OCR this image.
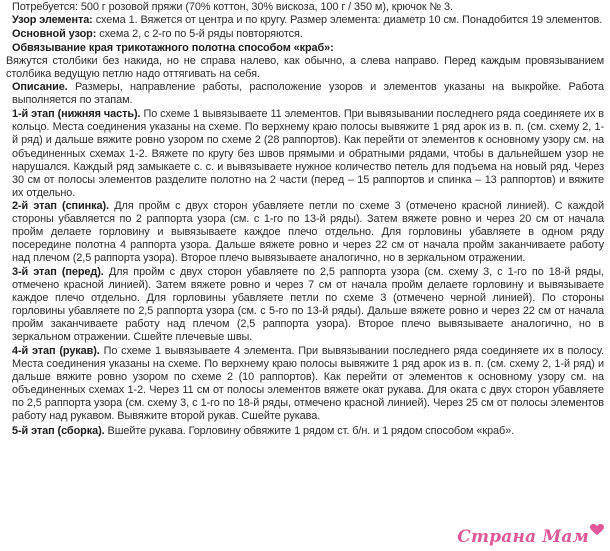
Потребуется: 500 г розовой пряжи (70% коттон, 30% вискоза, 100 г / 350 м), крючок № 3.

Узор элемента: схема 1. Вяжется от центра и по кругу. Размер элемента: диаметр 10 см. Понадобится 19 элементов.

Основной узор: схема 2, с 2-го по 5-й ряды повторяются.

Обвязывание края трикотажного полотна способом «краб»:

Вяжутся столбики без накида, но не справа налево, как обычно, а слева направо. Перед каждым провязыванием столбика ведущую петлю надо оттягивать на себя.

Описание. Размеры, направление работы, расположение узоров и элементов указаны на выкройке. Работа выполняется по этапам.

1-й этап (нижняя часть). По схеме 1 вывязываете 11 элементов. При вывязывании последнего ряда соединяете их в кольцо. Места соединения указаны на схеме. По верхнему краю полосы вывяжите 1 ряд арок из в. п. (см. схему 2, 1-й ряд) и дальше вяжите ровно узором по схеме 2 (28 раппортов). Как перейти от элементов к основному узору см. на объединенных схемах 1-2. Вяжете по кругу без швов прямыми и обратными рядами, чтобы в дальнейшем узор не нарушался. Каждый ряд замыкаете с. с. и вывязываете нужное количество петель для подъема на новый ряд. Через 30 см от полосы элементов разделите полотно на 2 части (перед – 15 раппортов и спинка – 13 раппортов) и вяжите их отдельно.

2-й этап (спинка). Для пройм с двух сторон убавляете петли по схеме 3 (отмечено красной линией). С каждой стороны убавляется по 2 раппорта узора (см. с 1-го по 13-й ряды). Затем вяжете ровно и через 20 см от начала пройм делаете горловину и вывязываете каждое плечо отдельно. Для горловины убавляете в одном ряду посередине полотна 4 раппорта узора. Дальше вяжете ровно и через 22 см от начала пройм заканчиваете работу над плечом (2,5 раппорта узора). Второе плечо вывязываете аналогично, но в зеркальном отражении.

3-й этап (перед). Для пройм с двух сторон убавляете по 2,5 раппорта узора (см. схему 3, с 1-го по 18-й ряды, отмечено красной линией). Затем вяжете ровно и через 7 см от начала пройм делаете горловину и вывязываете каждое плечо отдельно. Для горловины убавляете петли по схеме 3 (отмечено черной линией). По стороны горловины убавляете по 2,5 раппорта узора (см. с 5-го по 13-й ряды). Дальше вяжете ровно и через 22 см от начала пройм заканчиваете работу над плечом (2,5 раппорта узора). Второе плечо вывязываете аналогично, но в зеркальном отражении. Сшейте плечевые швы.

4-й этап (рукав). По схеме 1 вывязываете 4 элемента. При вывязывании последнего ряда соединяете их в полосу. Места соединения указаны на схеме. По верхнему краю полосы вывяжите 1 ряд арок из в. п. (см. схему 2, 1-й ряд) и дальше вяжите ровно узором по схеме 2 (10 раппортов). Как перейти от элементов к основному узору см. на объединенных схемах 1-2. Через 11 см от полосы элементов вяжете окат рукава. Для оката с двух сторон убавляете по 2,5 раппорта узора (см. схему 3, с 1-го по 18-й ряды, отмечено красной линией). Через 25 см от полосы элементов работу над рукавом. Вывяжите второй рукав. Сшейте рукава.

5-й этап (сборка). Вшейте рукава. Горловину обвяжите 1 рядом ст. б/н. и 1 рядом способом «краб».

Страна Мам
